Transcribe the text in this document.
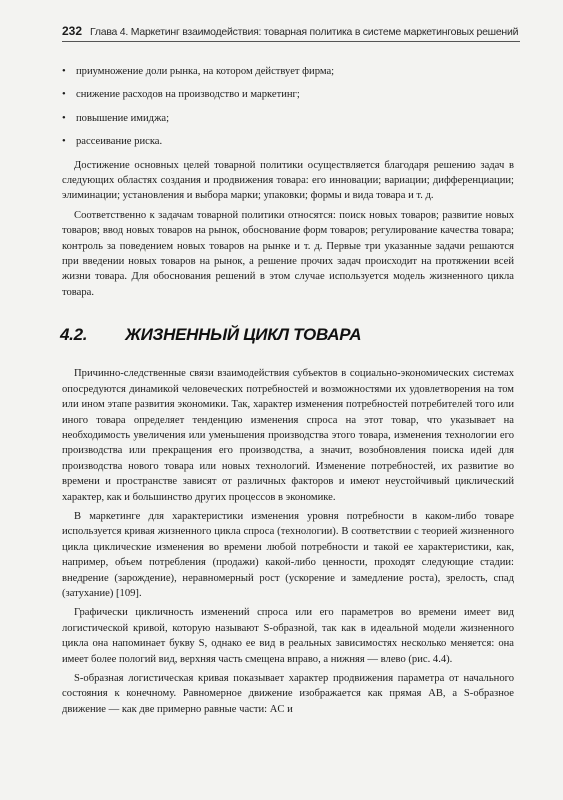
232 Глава 4. Маркетинг взаимодействия: товарная политика в системе маркетинговых решений
• приумножение доли рынка, на котором действует фирма;
• снижение расходов на производство и маркетинг;
• повышение имиджа;
• рассеивание риска.

Достижение основных целей товарной политики осуществляется благодаря решению задач в следующих областях создания и продвижения товара: его инновации; вариации; дифференциации; элиминации; установления и выбора марки; упаковки; формы и вида товара и т. д.

Соответственно к задачам товарной политики относятся: поиск новых товаров; развитие новых товаров; ввод новых товаров на рынок, обоснование форм товаров; регулирование качества товара; контроль за поведением новых товаров на рынке и т. д. Первые три указанные задачи решаются при введении новых товаров на рынок, а решение прочих задач происходит на протяжении всей жизни товара. Для обоснования решений в этом случае используется модель жизненного цикла товара.

4.2. ЖИЗНЕННЫЙ ЦИКЛ ТОВАРА

Причинно-следственные связи взаимодействия субъектов в социально-экономических системах опосредуются динамикой человеческих потребностей и возможностями их удовлетворения на том или ином этапе развития экономики. Так, характер изменения потребностей потребителей того или иного товара определяет тенденцию изменения спроса на этот товар, что указывает на необходимость увеличения или уменьшения производства этого товара, изменения технологии его производства или прекращения его производства, а значит, возобновления поиска идей для производства нового товара или новых технологий. Изменение потребностей, их развитие во времени и пространстве зависят от различных факторов и имеют неустойчивый циклический характер, как и большинство других процессов в экономике.

В маркетинге для характеристики изменения уровня потребности в каком-либо товаре используется кривая жизненного цикла спроса (технологии). В соответствии с теорией жизненного цикла циклические изменения во времени любой потребности и такой ее характеристики, как, например, объем потребления (продажи) какой-либо ценности, проходят следующие стадии: внедрение (зарождение), неравномерный рост (ускорение и замедление роста), зрелость, спад (затухание) [109].

Графически цикличность изменений спроса или его параметров во времени имеет вид логистической кривой, которую называют S-образной, так как в идеальной модели жизненного цикла она напоминает букву S, однако ее вид в реальных зависимостях несколько меняется: она имеет более пологий вид, верхняя часть смещена вправо, а нижняя — влево (рис. 4.4).

S-образная логистическая кривая показывает характер продвижения параметра от начального состояния к конечному. Равномерное движение изображается как прямая AB, а S-образное движение — как две примерно равные части: AC и
